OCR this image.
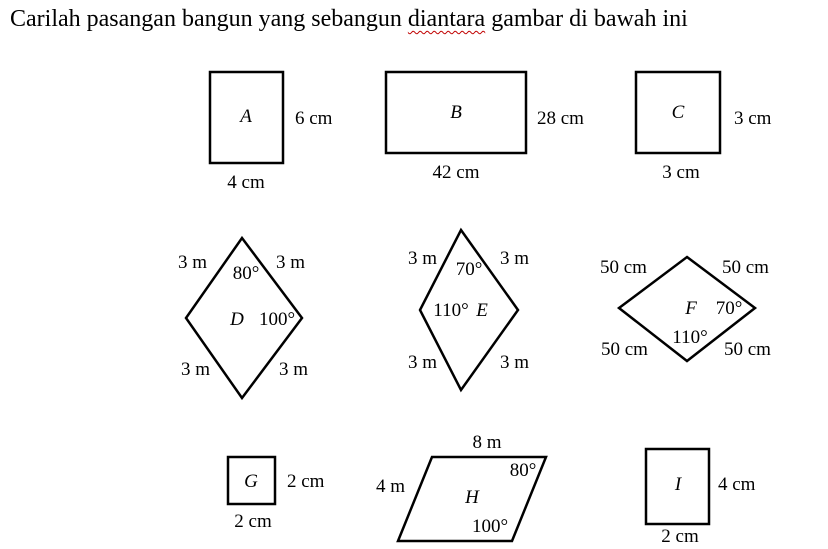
Carilah pasangan bangun yang sebangun diantara gambar di bawah ini
A 6 cm
4 cm
B	28 cm
42 cm
C	3 cm
3 cm
3 m	3 m
3 m	3 m
80°
D 100°
3 m	3 m
3 m	3 m
70°
110° E
50 cm	50 cm
50 cm	50 cm
F 70°
110°
G 2 cm
2 cm
8 m
4 m
80°
H
100°
I 4 cm
2 cm
